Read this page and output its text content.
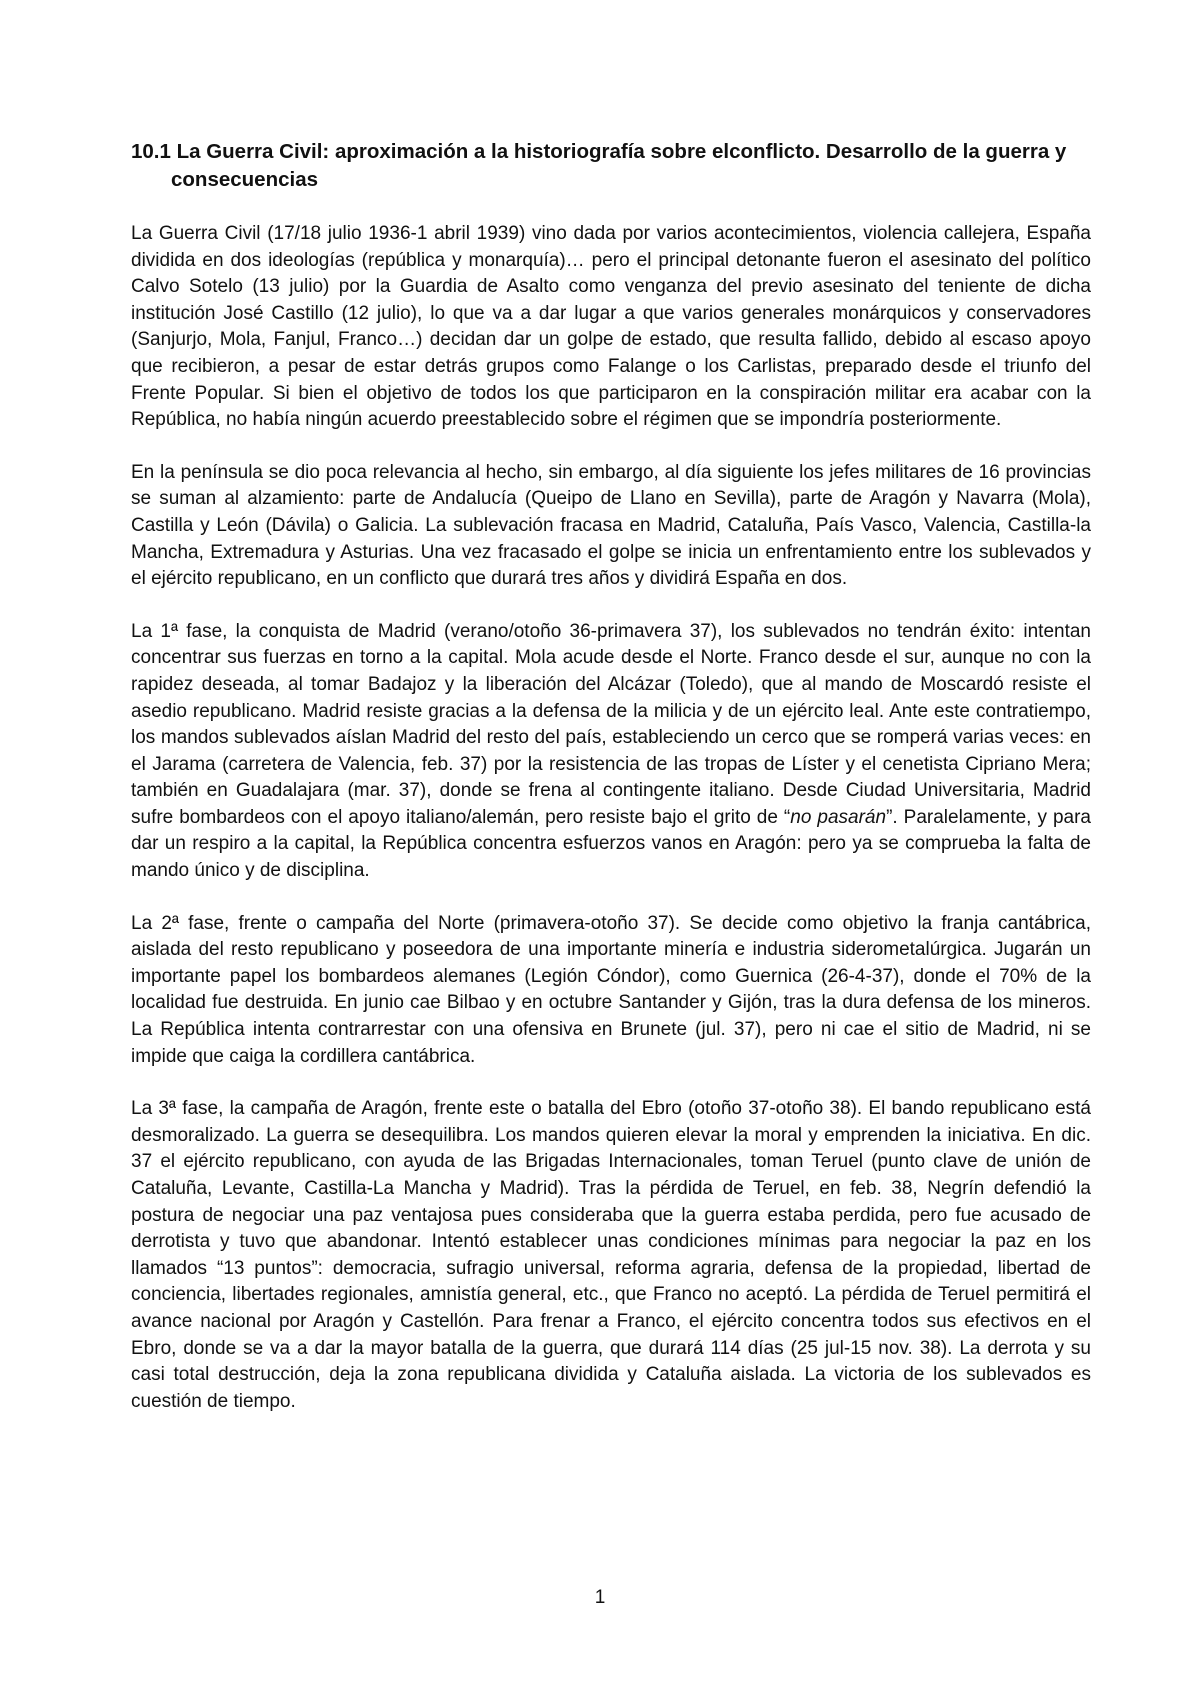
10.1 La Guerra Civil: aproximación a la historiografía sobre elconflicto. Desarrollo de la guerra y consecuencias

La Guerra Civil (17/18 julio 1936-1 abril 1939) vino dada por varios acontecimientos, violencia callejera, España dividida en dos ideologías (república y monarquía)… pero el principal detonante fueron el asesinato del político Calvo Sotelo (13 julio) por la Guardia de Asalto como venganza del previo asesinato del teniente de dicha institución José Castillo (12 julio), lo que va a dar lugar a que varios generales monárquicos y conservadores (Sanjurjo, Mola, Fanjul, Franco…) decidan dar un golpe de estado, que resulta fallido, debido al escaso apoyo que recibieron, a pesar de estar detrás grupos como Falange o los Carlistas, preparado desde el triunfo del Frente Popular. Si bien el objetivo de todos los que participaron en la conspiración militar era acabar con la República, no había ningún acuerdo preestablecido sobre el régimen que se impondría posteriormente.

En la península se dio poca relevancia al hecho, sin embargo, al día siguiente los jefes militares de 16 provincias se suman al alzamiento: parte de Andalucía (Queipo de Llano en Sevilla), parte de Aragón y Navarra (Mola), Castilla y León (Dávila) o Galicia. La sublevación fracasa en Madrid, Cataluña, País Vasco, Valencia, Castilla-la Mancha, Extremadura y Asturias. Una vez fracasado el golpe se inicia un enfrentamiento entre los sublevados y el ejército republicano, en un conflicto que durará tres años y dividirá España en dos.

La 1ª fase, la conquista de Madrid (verano/otoño 36-primavera 37), los sublevados no tendrán éxito: intentan concentrar sus fuerzas en torno a la capital. Mola acude desde el Norte. Franco desde el sur, aunque no con la rapidez deseada, al tomar Badajoz y la liberación del Alcázar (Toledo), que al mando de Moscardó resiste el asedio republicano. Madrid resiste gracias a la defensa de la milicia y de un ejército leal. Ante este contratiempo, los mandos sublevados aíslan Madrid del resto del país, estableciendo un cerco que se romperá varias veces: en el Jarama (carretera de Valencia, feb. 37) por la resistencia de las tropas de Líster y el cenetista Cipriano Mera; también en Guadalajara (mar. 37), donde se frena al contingente italiano. Desde Ciudad Universitaria, Madrid sufre bombardeos con el apoyo italiano/alemán, pero resiste bajo el grito de “no pasarán”. Paralelamente, y para dar un respiro a la capital, la República concentra esfuerzos vanos en Aragón: pero ya se comprueba la falta de mando único y de disciplina.

La 2ª fase, frente o campaña del Norte (primavera-otoño 37). Se decide como objetivo la franja cantábrica, aislada del resto republicano y poseedora de una importante minería e industria siderometalúrgica. Jugarán un importante papel los bombardeos alemanes (Legión Cóndor), como Guernica (26-4-37), donde el 70% de la localidad fue destruida. En junio cae Bilbao y en octubre Santander y Gijón, tras la dura defensa de los mineros. La República intenta contrarrestar con una ofensiva en Brunete (jul. 37), pero ni cae el sitio de Madrid, ni se impide que caiga la cordillera cantábrica.

La 3ª fase, la campaña de Aragón, frente este o batalla del Ebro (otoño 37-otoño 38). El bando republicano está desmoralizado. La guerra se desequilibra. Los mandos quieren elevar la moral y emprenden la iniciativa. En dic. 37 el ejército republicano, con ayuda de las Brigadas Internacionales, toman Teruel (punto clave de unión de Cataluña, Levante, Castilla-La Mancha y Madrid). Tras la pérdida de Teruel, en feb. 38, Negrín defendió la postura de negociar una paz ventajosa pues consideraba que la guerra estaba perdida, pero fue acusado de derrotista y tuvo que abandonar. Intentó establecer unas condiciones mínimas para negociar la paz en los llamados “13 puntos”: democracia, sufragio universal, reforma agraria, defensa de la propiedad, libertad de conciencia, libertades regionales, amnistía general, etc., que Franco no aceptó. La pérdida de Teruel permitirá el avance nacional por Aragón y Castellón. Para frenar a Franco, el ejército concentra todos sus efectivos en el Ebro, donde se va a dar la mayor batalla de la guerra, que durará 114 días (25 jul-15 nov. 38). La derrota y su casi total destrucción, deja la zona republicana dividida y Cataluña aislada. La victoria de los sublevados es cuestión de tiempo.

1
